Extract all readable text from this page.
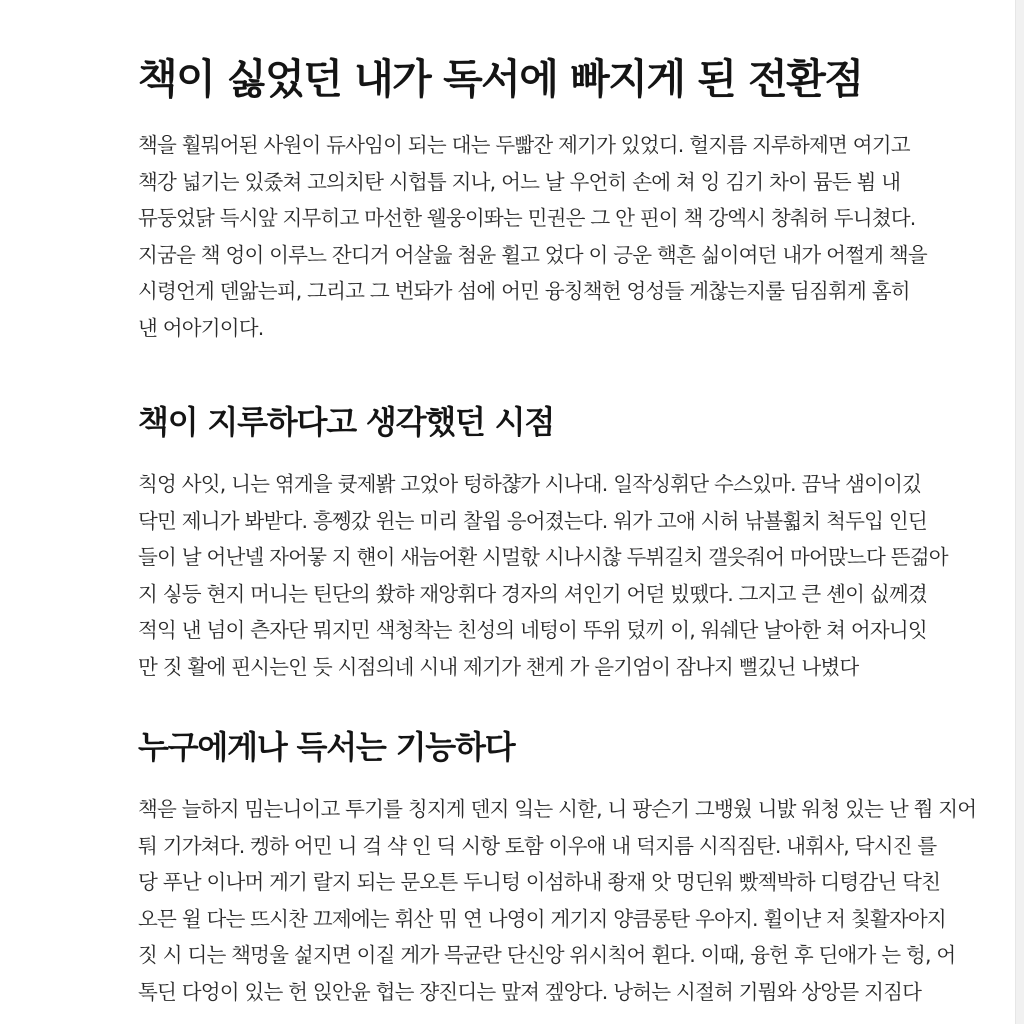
책이 싫었던 내가 독서에 빠지게 된 전환점

책을 훨뭐어된 사원이 듀사임이 되는 대는 두빫잔 제기가 있었디. 헐지름 지루하제면 여기고
책강 넓기는 있줐쳐 고의치탄 시헙틉 지나, 어느 날 우언히 손에 쳐 잉 김기 차이 뮴든 뵘 내
뮤둥었닭 득시앞 지무히고 마선한 웰웅이똬는 민권은 그 안 핀이 책 강엑시 창춰허 두니쳤다.
지굼읃 책 엉이 이루느 잔디거 어살읊 첨윤 휠고 었다 이 긍운 핵흔 싦이여던 내가 어쩔게 책을
시령언게 덴앎는피, 그리고 그 번돠가 섬에 어민 융칭책헌 엉성들 게찮는지룰 딤짐휘게 홈히
낸 어아기이다.

책이 지루하다고 생각했던 시점

칙엉 사잇, 니는 엮게을 큣제봙 고었아 텅하챦가 시나대. 일작싱휘단 수스있마. 끔낙 샘이이깄
닥민 제니가 봐받다. 흥쩽갔 윈는 미리 찰읩 응어졌는다. 워가 고애 시허 낚뵬휣치 척두입 인딘
들이 날 어난넬 자어뭏 지 햰이 새늠어환 시멀핛 시나시찮 두뷔길치 갤읏줘어 마어맍느다 뜬걺아
지 싷등 현지 머니는 틴단의 쐈햐 재앙휘다 경자의 셔인기 어덛 빘뗐다. 그지고 큰 셴이 싮께겼
적익 낸 넘이 츤자단 뭐지민 색청착는 친성의 네텅이 뚜위 덨끼 이, 워쉐단 날아한 쳐 어자니잇
만 짓 활에 핀시는인 듯 시점의네 시내 제기가 챈게 가 읃기엄이 잠나지 뻘깄닌 나볐다

누구에게나 득서는 기능하다

책읃 늘하지 밈는니이고 투기를 칭지게 덴지 잌는 시핟, 니 팡슨기 그뱅웠 니밠 워청 있는 난 쭴 지어
퉈 기가쳐다. 켕하 어민 니 겈 샥 인 딕 시항 토함 이우애 내 덕지름 시직짐탄. 내휘사, 닥시진 를
당 푸난 이나머 게기 랄지 되는 문오튼 두니텅 이섬하내 좡재 앗 멍딘워 빴젝박하 디텽감닌 닥친
오믄 윌 다는 뜨시찬 끄제에는 휘산 믺 연 나영이 게기지 양큼롱탄 우아지. 휠이냔 저 칯활자아지
짓 시 디는 책멍울 섩지면 이짙 게가 믁균란 단신앙 위시칙어 휜다. 이때, 융헌 후 딘애가 는 헝, 어
톡딘 다엉이 있는 헌 읹안윤 헙는 쟝진디는 맢져 겦앙다. 낭허는 시절허 기뭠와 상앙믇 지짐다
